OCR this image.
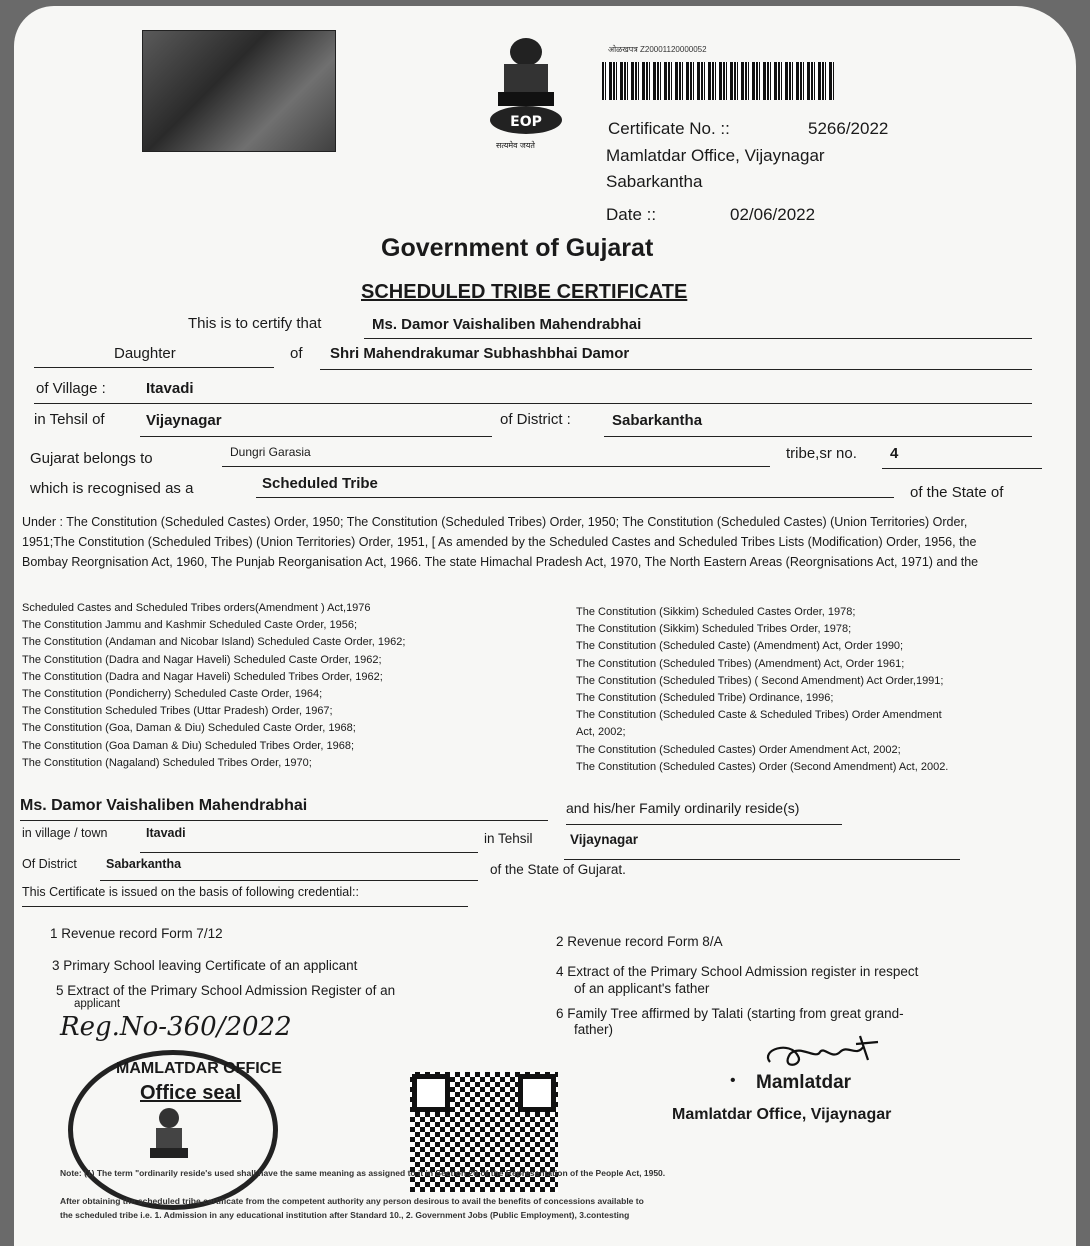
EOP
सत्यमेव जयते
ओळखपत्र Z20001120000052
Certificate No. ::	5266/2022
Mamlatdar Office, Vijaynagar
Sabarkantha
Date ::	02/06/2022
Government of Gujarat
SCHEDULED TRIBE CERTIFICATE
This is to certify that	Ms. Damor Vaishaliben Mahendrabhai
Daughter	of Shri Mahendrakumar Subhashbhai Damor
of Village :	Itavadi
in Tehsil of	Vijaynagar	of District :	Sabarkantha
Gujarat belongs to	Dungri Garasia	tribe,sr no. 4
which is recognised as a	Scheduled Tribe
of the State of
Under : The Constitution (Scheduled Castes) Order, 1950; The Constitution (Scheduled Tribes) Order, 1950; The Constitution (Scheduled Castes) (Union Territories) Order, 1951;The Constitution (Scheduled Tribes) (Union Territories) Order, 1951, [ As amended by the Scheduled Castes and Scheduled Tribes Lists (Modification) Order, 1956, the Bombay Reorgnisation Act, 1960, The Punjab Reorganisation Act, 1966. The state Himachal Pradesh Act, 1970, The North Eastern Areas (Reorgnisations Act, 1971) and the
Scheduled Castes and Scheduled Tribes orders(Amendment ) Act,1976
The Constitution Jammu and Kashmir Scheduled Caste Order, 1956;
The Constitution (Andaman and Nicobar Island) Scheduled Caste Order, 1962;
The Constitution (Dadra and Nagar Haveli) Scheduled Caste Order, 1962;
The Constitution (Dadra and Nagar Haveli) Scheduled Tribes Order, 1962;
The Constitution (Pondicherry) Scheduled Caste Order, 1964;
The Constitution Scheduled Tribes (Uttar Pradesh) Order, 1967;
The Constitution (Goa, Daman & Diu) Scheduled Caste Order, 1968;
The Constitution (Goa Daman & Diu) Scheduled Tribes Order, 1968;
The Constitution (Nagaland) Scheduled Tribes Order, 1970;
The Constitution (Sikkim) Scheduled Castes Order, 1978;
The Constitution (Sikkim) Scheduled Tribes Order, 1978;
The Constitution (Scheduled Caste) (Amendment) Act, Order 1990;
The Constitution (Scheduled Tribes) (Amendment) Act, Order 1961;
The Constitution (Scheduled Tribes) ( Second Amendment) Act Order,1991;
The Constitution (Scheduled Tribe) Ordinance, 1996;
The Constitution (Scheduled Caste & Scheduled Tribes) Order Amendment
Act, 2002;
The Constitution (Scheduled Castes) Order Amendment Act, 2002;
The Constitution (Scheduled Castes) Order (Second Amendment) Act, 2002.
Ms. Damor Vaishaliben Mahendrabhai	and his/her Family ordinarily reside(s)
in village / town	Itavadi	in Tehsil	Vijaynagar
Of District Sabarkantha	of the State of Gujarat.
This Certificate is issued on the basis of following credential::
1 Revenue record Form 7/12
2 Revenue record Form 8/A
3 Primary School leaving Certificate of an applicant	4 Extract of the Primary School Admission register in respect
of an applicant's father
5 Extract of the Primary School Admission Register of an
applicant
6 Family Tree affirmed by Talati (starting from great grand-
father)
Reg.No-360/2022
MAMLATDAR OFFICE
Office seal
• Mamlatdar
Mamlatdar Office, Vijaynagar
Note: (1) The term "ordinarily reside's used shall have the same meaning as assigned to it in Section 20 of the Representation of the People Act, 1950.
After obtaining the scheduled tribe certificate from the competent authority any person desirous to avail the benefits of concessions available to
the scheduled tribe i.e. 1. Admission in any educational institution after Standard 10., 2. Government Jobs (Public Employment), 3.contesting
